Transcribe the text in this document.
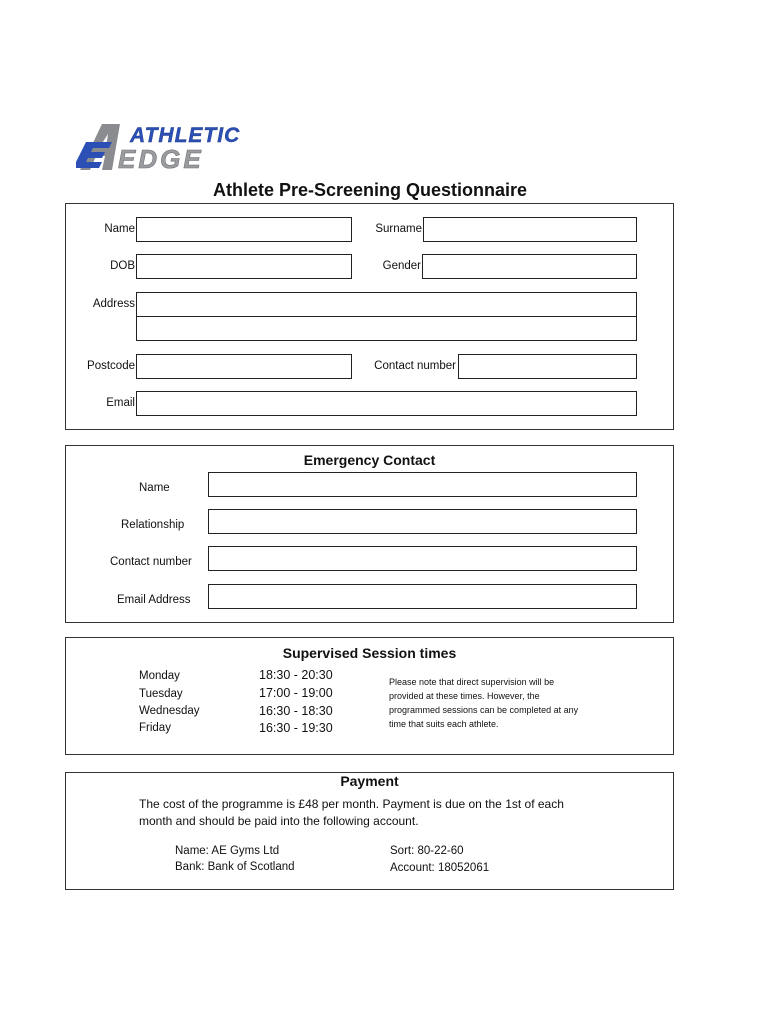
ATHLETIC
EDGE
Athlete Pre-Screening Questionnaire
Name	Surname
DOB	Gender
Address
Postcode	Contact number
Email
Emergency Contact
Name
Relationship
Contact number
Email Address
Supervised Session times
Monday	18:30 - 20:30
Tuesday	17:00 - 19:00
Wednesday	16:30 - 18:30
Friday	16:30 - 19:30
Please note that direct supervision will be
provided at these times. However, the
programmed sessions can be completed at any
time that suits each athlete.
Payment
The cost of the programme is £48 per month. Payment is due on the 1st of each
month and should be paid into the following account.
Name: AE Gyms Ltd
Bank: Bank of Scotland
Sort: 80-22-60
Account: 18052061
